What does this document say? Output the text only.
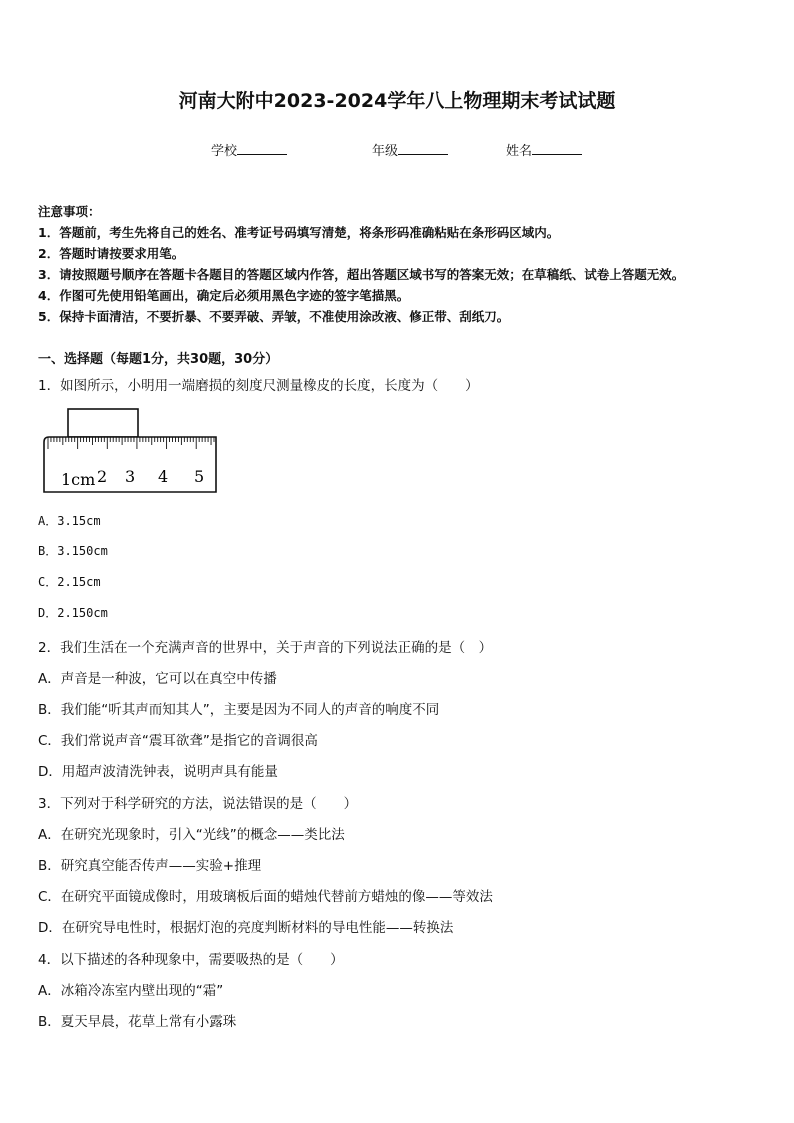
河南大附中2023-2024学年八上物理期末考试试题
学校	年级	姓名
注意事项：
1．答题前，考生先将自己的姓名、准考证号码填写清楚，将条形码准确粘贴在条形码区域内。
2．答题时请按要求用笔。
3．请按照题号顺序在答题卡各题目的答题区域内作答，超出答题区域书写的答案无效；在草稿纸、试卷上答题无效。
4．作图可先使用铅笔画出，确定后必须用黑色字迹的签字笔描黑。
5．保持卡面清洁，不要折暴、不要弄破、弄皱，不准使用涂改液、修正带、刮纸刀。
一、选择题（每题1分，共30题，30分）
1．如图所示，小明用一端磨损的刻度尺测量橡皮的长度，长度为（　　）
1cm 2 3 4 5
A．3.15cm
B．3.150cm
C．2.15cm
D．2.150cm
2．我们生活在一个充满声音的世界中，关于声音的下列说法正确的是（　）
A．声音是一种波，它可以在真空中传播
B．我们能“听其声而知其人”，主要是因为不同人的声音的响度不同
C．我们常说声音“震耳欲聋”是指它的音调很高
D．用超声波清洗钟表，说明声具有能量
3．下列对于科学研究的方法，说法错误的是（　　）
A．在研究光现象时，引入“光线”的概念——类比法
B．研究真空能否传声——实验+推理
C．在研究平面镜成像时，用玻璃板后面的蜡烛代替前方蜡烛的像——等效法
D．在研究导电性时，根据灯泡的亮度判断材料的导电性能——转换法
4．以下描述的各种现象中，需要吸热的是（　　）
A．冰箱冷冻室内壁出现的“霜”
B．夏天早晨，花草上常有小露珠
